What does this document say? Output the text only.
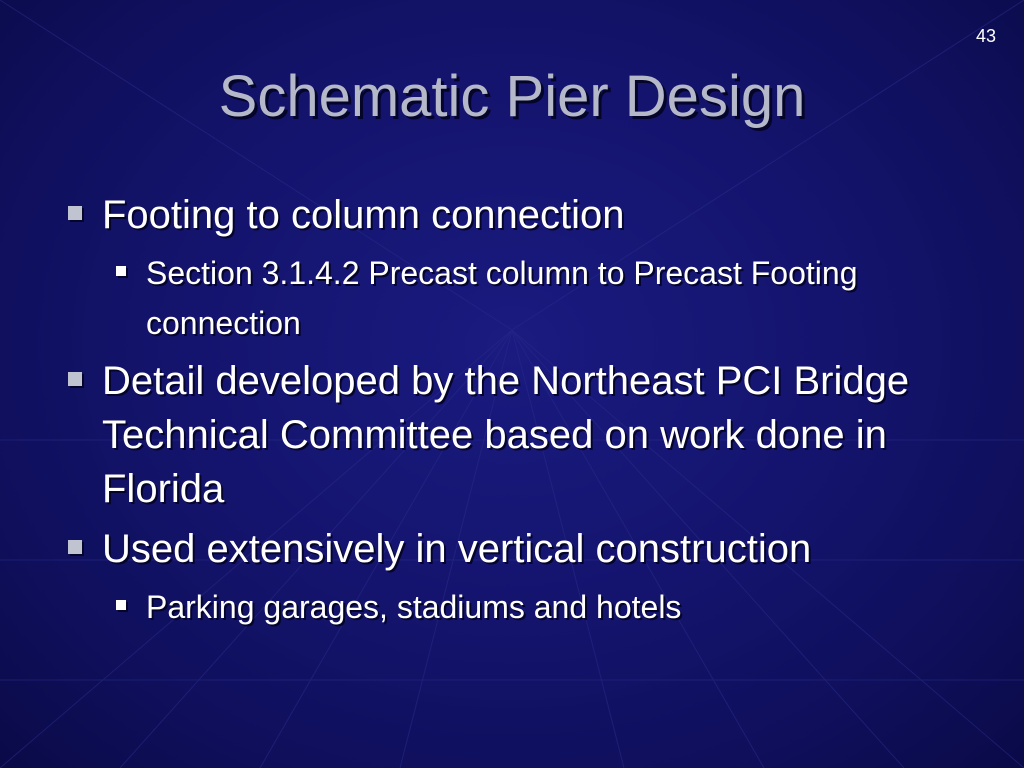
43
Schematic Pier Design
Footing to column connection
Section 3.1.4.2 Precast column to Precast Footing connection
Detail developed by the Northeast PCI Bridge Technical Committee based on work done in Florida
Used extensively in vertical construction
Parking garages, stadiums and hotels
